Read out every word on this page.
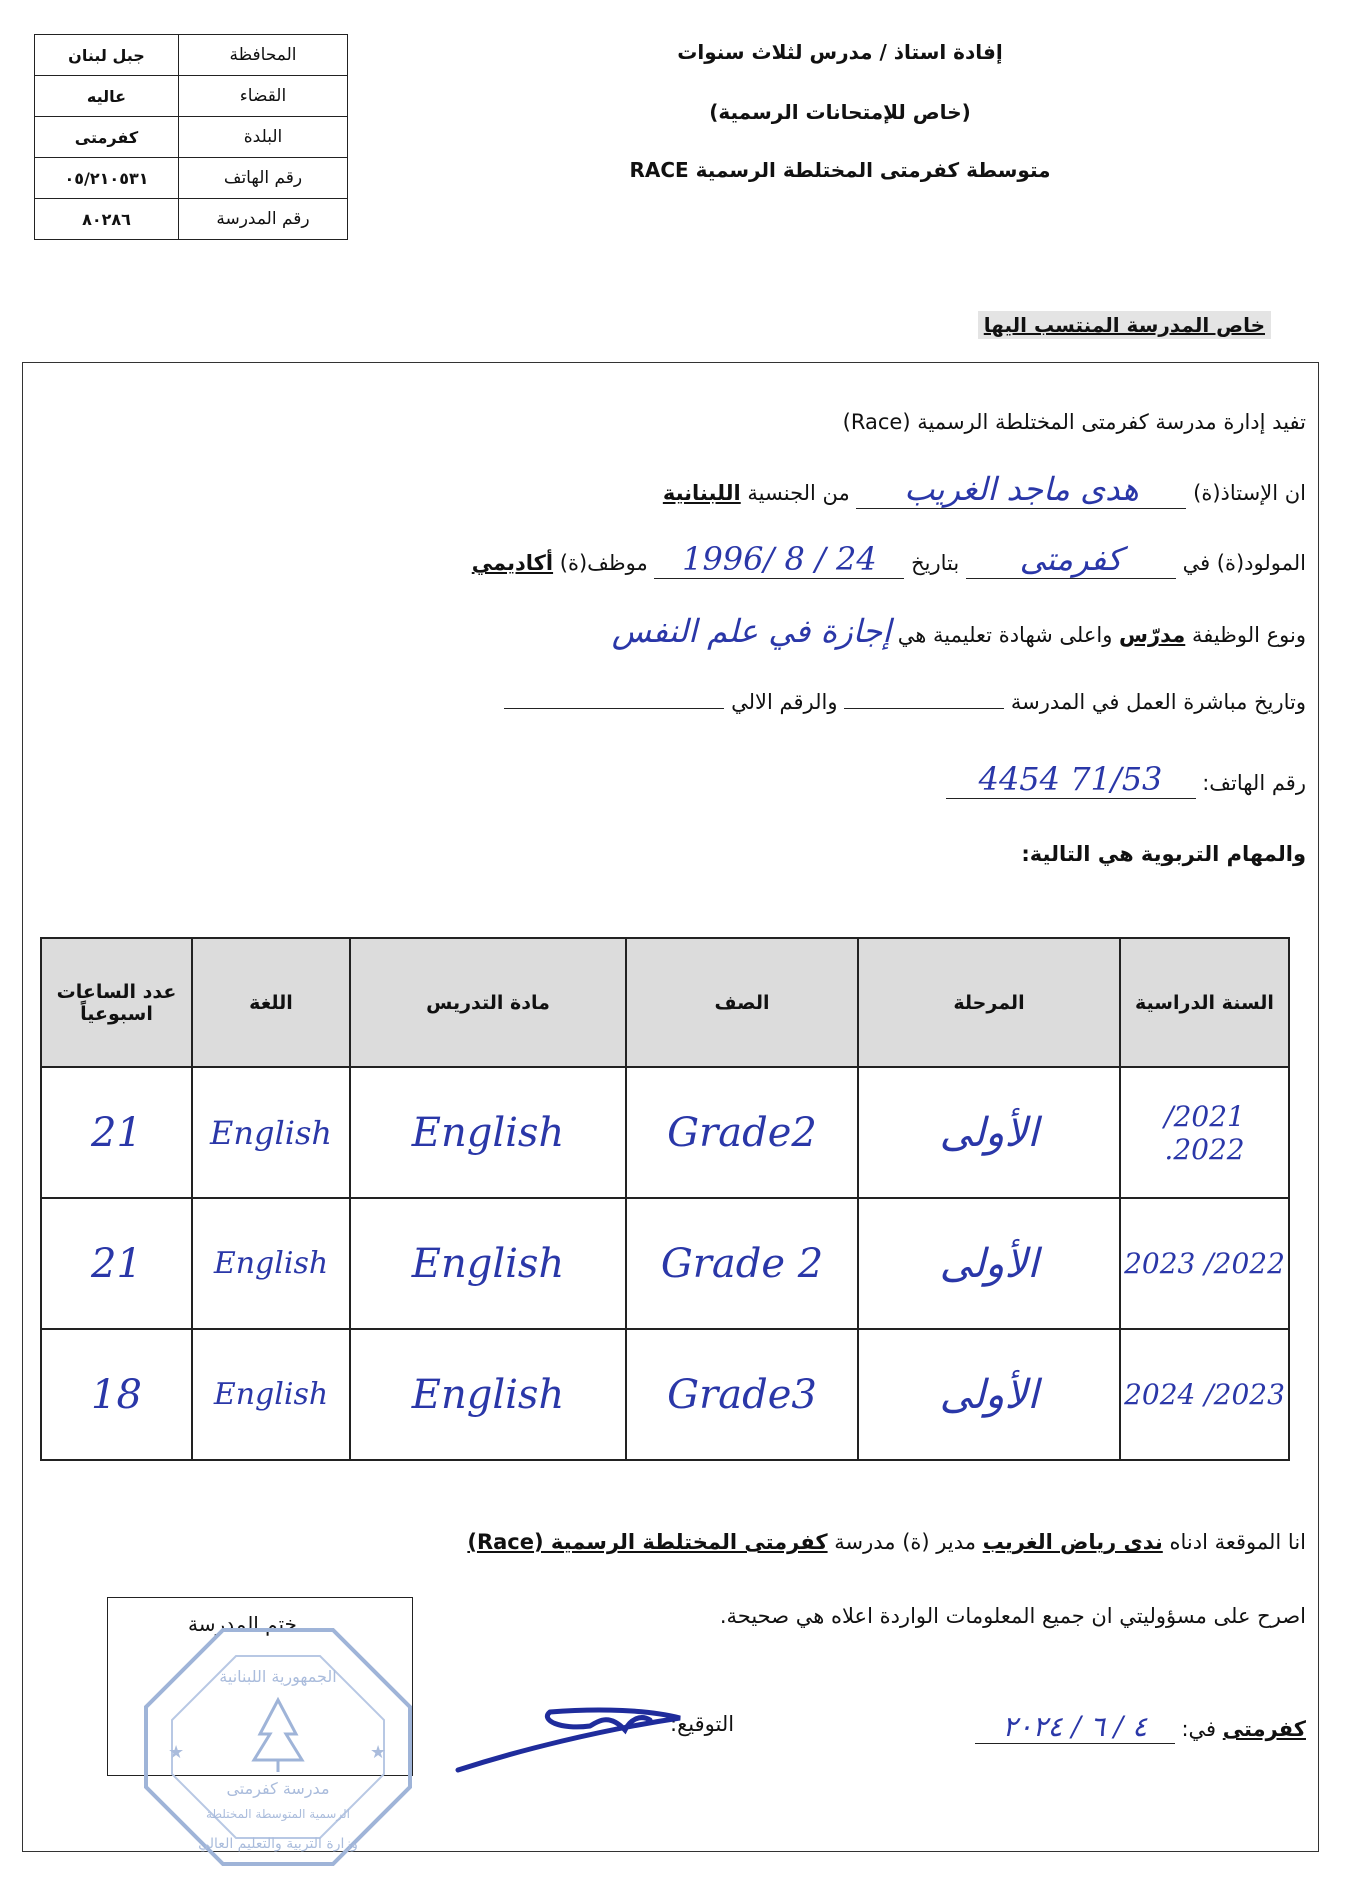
المحافظة	جبل لبنان
القضاء	عاليه
البلدة	كفرمتى
رقم الهاتف	٠٥/٢١٠٥٣١
رقم المدرسة	٨٠٢٨٦
إفادة استاذ / مدرس لثلاث سنوات
(خاص للإمتحانات الرسمية)
متوسطة كفرمتى المختلطة الرسمية RACE
خاص المدرسة المنتسب اليها
تفيد إدارة مدرسة كفرمتى المختلطة الرسمية (Race)
ان الإستاذ(ة) هدى ماجد الغريب من الجنسية اللبنانية
المولود(ة) في كفرمتى بتاريخ 24 / 8 /1996 موظف(ة) أكاديمي
ونوع الوظيفة مدرّس واعلى شهادة تعليمية هي إجازة في علم النفس
وتاريخ مباشرة العمل في المدرسة  والرقم الالي
رقم الهاتف: 71/53 4454
والمهام التربوية هي التالية:
السنة الدراسية	المرحلة	الصف	مادة التدريس	اللغة	عدد الساعات اسبوعياً
2021/ 2022.	الأولى	Grade2	English	English	21
2022/ 2023	الأولى	Grade 2	English	English	21
2023/ 2024	الأولى	Grade3	English	English	18
انا الموقعة ادناه ندى رياض الغريب مدير (ة) مدرسة كفرمتى المختلطة الرسمية (Race)
اصرح على مسؤوليتي ان جميع المعلومات الواردة اعلاه هي صحيحة.
كفرمتى في: ٤ / ٦ / ٢٠٢٤
التوقيع:
ختم المدرسة
الجمهورية اللبنانية
مدرسة كفرمتى
الرسمية المتوسطة المختلطة
وزارة التربية والتعليم العالي
★	★
